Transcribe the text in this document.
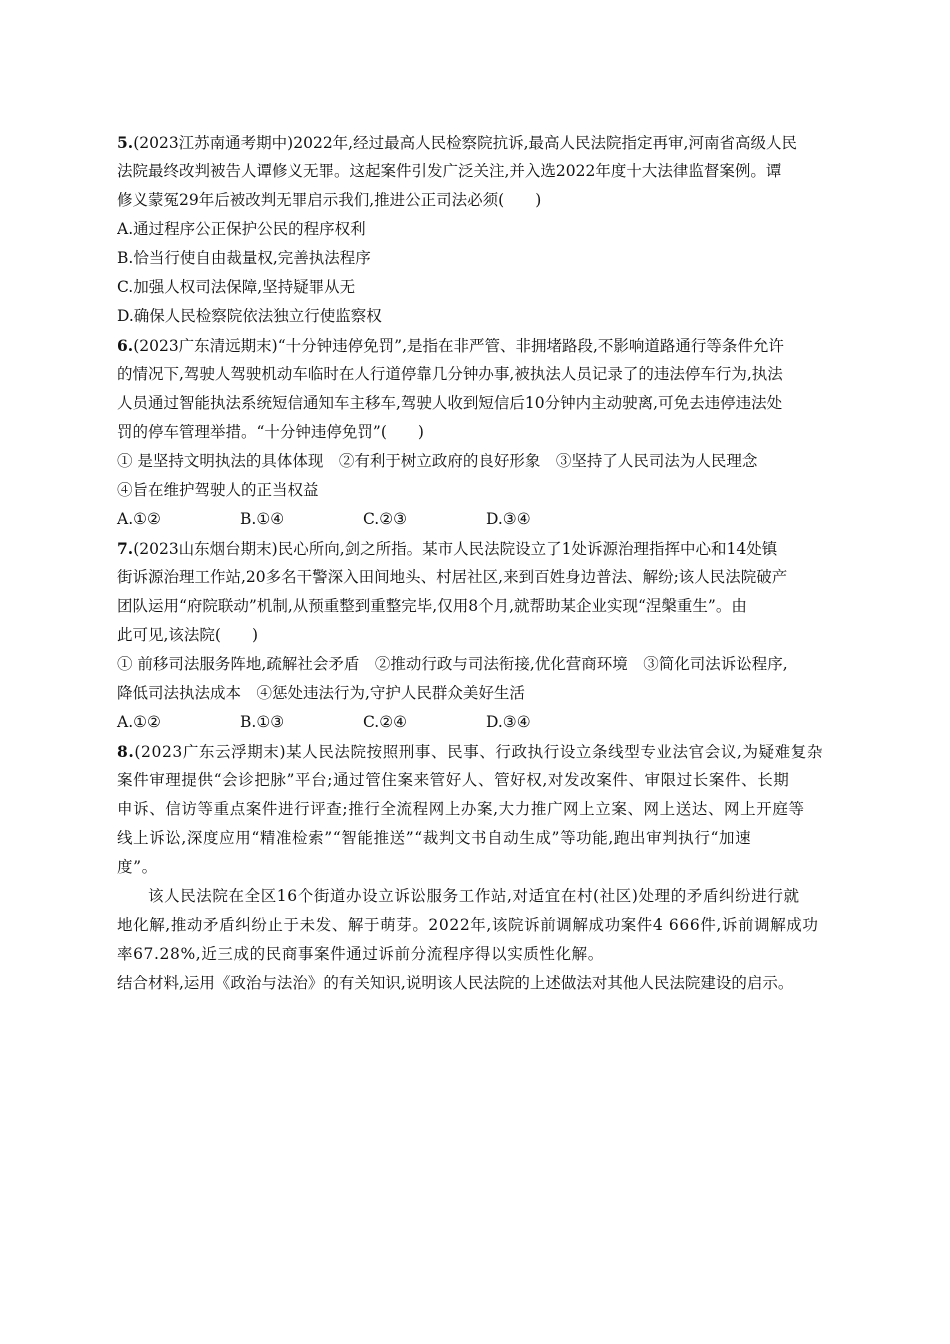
5.(2023江苏南通考期中)2022年,经过最高人民检察院抗诉,最高人民法院指定再审,河南省高级人民
法院最终改判被告人谭修义无罪。这起案件引发广泛关注,并入选2022年度十大法律监督案例。谭
修义蒙冤29年后被改判无罪启示我们,推进公正司法必须(　　)
A.通过程序公正保护公民的程序权利
B.恰当行使自由裁量权,完善执法程序
C.加强人权司法保障,坚持疑罪从无
D.确保人民检察院依法独立行使监察权
6.(2023广东清远期末)“十分钟违停免罚”,是指在非严管、非拥堵路段,不影响道路通行等条件允许
的情况下,驾驶人驾驶机动车临时在人行道停靠几分钟办事,被执法人员记录了的违法停车行为,执法
人员通过智能执法系统短信通知车主移车,驾驶人收到短信后10分钟内主动驶离,可免去违停违法处
罚的停车管理举措。“十分钟违停免罚”(　　)
① 是坚持文明执法的具体体现　②有利于树立政府的良好形象　③坚持了人民司法为人民理念
④旨在维护驾驶人的正当权益
A.①②	B.①④	C.②③	D.③④
7.(2023山东烟台期末)民心所向,剑之所指。某市人民法院设立了1处诉源治理指挥中心和14处镇
街诉源治理工作站,20多名干警深入田间地头、村居社区,来到百姓身边普法、解纷;该人民法院破产
团队运用“府院联动”机制,从预重整到重整完毕,仅用8个月,就帮助某企业实现“涅槃重生”。由
此可见,该法院(　　)
① 前移司法服务阵地,疏解社会矛盾　②推动行政与司法衔接,优化营商环境　③简化司法诉讼程序,
降低司法执法成本　④惩处违法行为,守护人民群众美好生活
A.①②	B.①③	C.②④	D.③④
8.(2023广东云浮期末)某人民法院按照刑事、民事、行政执行设立条线型专业法官会议,为疑难复杂
案件审理提供“会诊把脉”平台;通过管住案来管好人、管好权,对发改案件、审限过长案件、长期
申诉、信访等重点案件进行评查;推行全流程网上办案,大力推广网上立案、网上送达、网上开庭等
线上诉讼,深度应用“精准检索”“智能推送”“裁判文书自动生成”等功能,跑出审判执行“加速
度”。
该人民法院在全区16个街道办设立诉讼服务工作站,对适宜在村(社区)处理的矛盾纠纷进行就
地化解,推动矛盾纠纷止于未发、解于萌芽。2022年,该院诉前调解成功案件4 666件,诉前调解成功
率67.28%,近三成的民商事案件通过诉前分流程序得以实质性化解。
结合材料,运用《政治与法治》的有关知识,说明该人民法院的上述做法对其他人民法院建设的启示。
